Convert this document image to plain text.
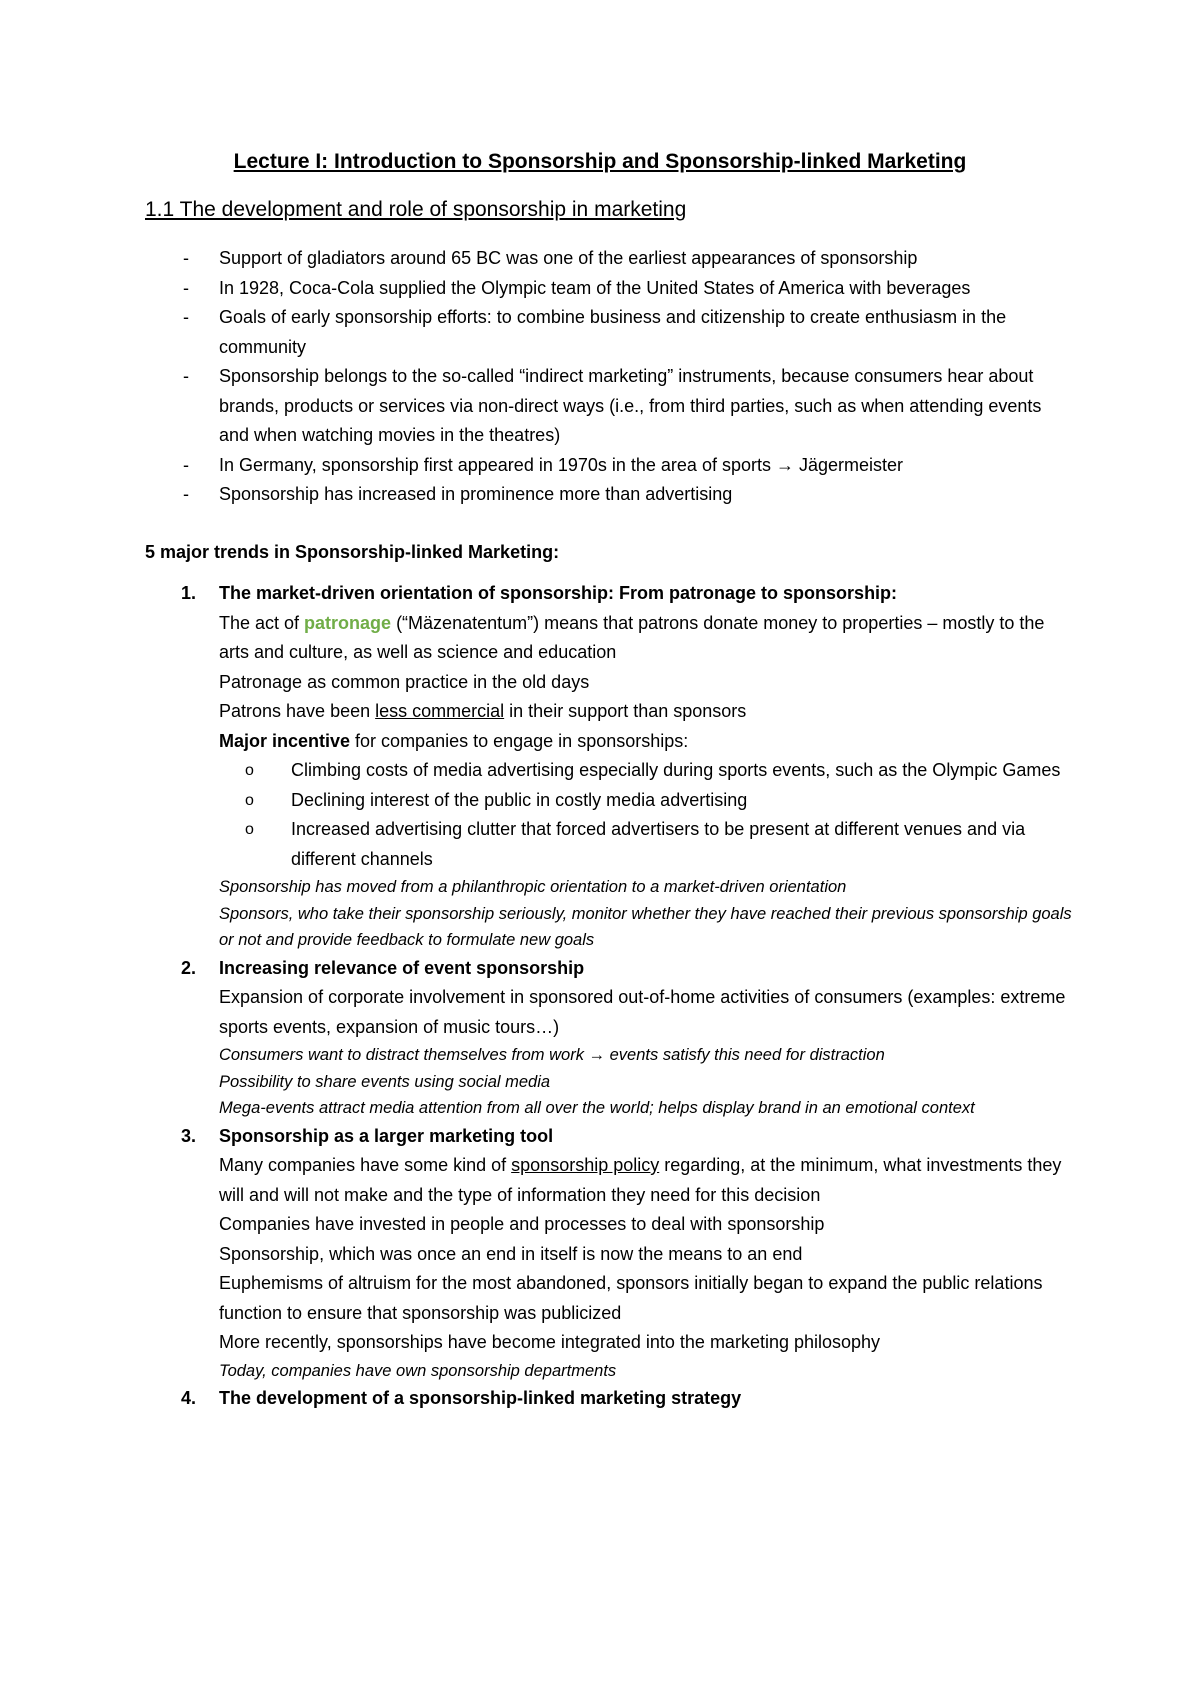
Lecture I: Introduction to Sponsorship and Sponsorship-linked Marketing
1.1 The development and role of sponsorship in marketing
- Support of gladiators around 65 BC was one of the earliest appearances of sponsorship
- In 1928, Coca-Cola supplied the Olympic team of the United States of America with beverages
- Goals of early sponsorship efforts: to combine business and citizenship to create enthusiasm in the community
- Sponsorship belongs to the so-called “indirect marketing” instruments, because consumers hear about brands, products or services via non-direct ways (i.e., from third parties, such as when attending events and when watching movies in the theatres)
- In Germany, sponsorship first appeared in 1970s in the area of sports → Jägermeister
- Sponsorship has increased in prominence more than advertising
5 major trends in Sponsorship-linked Marketing:
1. The market-driven orientation of sponsorship: From patronage to sponsorship:
The act of patronage (“Mäzenatentum”) means that patrons donate money to properties – mostly to the arts and culture, as well as science and education
Patronage as common practice in the old days
Patrons have been less commercial in their support than sponsors
Major incentive for companies to engage in sponsorships:
o Climbing costs of media advertising especially during sports events, such as the Olympic Games
o Declining interest of the public in costly media advertising
o Increased advertising clutter that forced advertisers to be present at different venues and via different channels
Sponsorship has moved from a philanthropic orientation to a market-driven orientation
Sponsors, who take their sponsorship seriously, monitor whether they have reached their previous sponsorship goals or not and provide feedback to formulate new goals
2. Increasing relevance of event sponsorship
Expansion of corporate involvement in sponsored out-of-home activities of consumers (examples: extreme sports events, expansion of music tours…)
Consumers want to distract themselves from work → events satisfy this need for distraction
Possibility to share events using social media
Mega-events attract media attention from all over the world; helps display brand in an emotional context
3. Sponsorship as a larger marketing tool
Many companies have some kind of sponsorship policy regarding, at the minimum, what investments they will and will not make and the type of information they need for this decision
Companies have invested in people and processes to deal with sponsorship
Sponsorship, which was once an end in itself is now the means to an end
Euphemisms of altruism for the most abandoned, sponsors initially began to expand the public relations function to ensure that sponsorship was publicized
More recently, sponsorships have become integrated into the marketing philosophy
Today, companies have own sponsorship departments
4. The development of a sponsorship-linked marketing strategy
